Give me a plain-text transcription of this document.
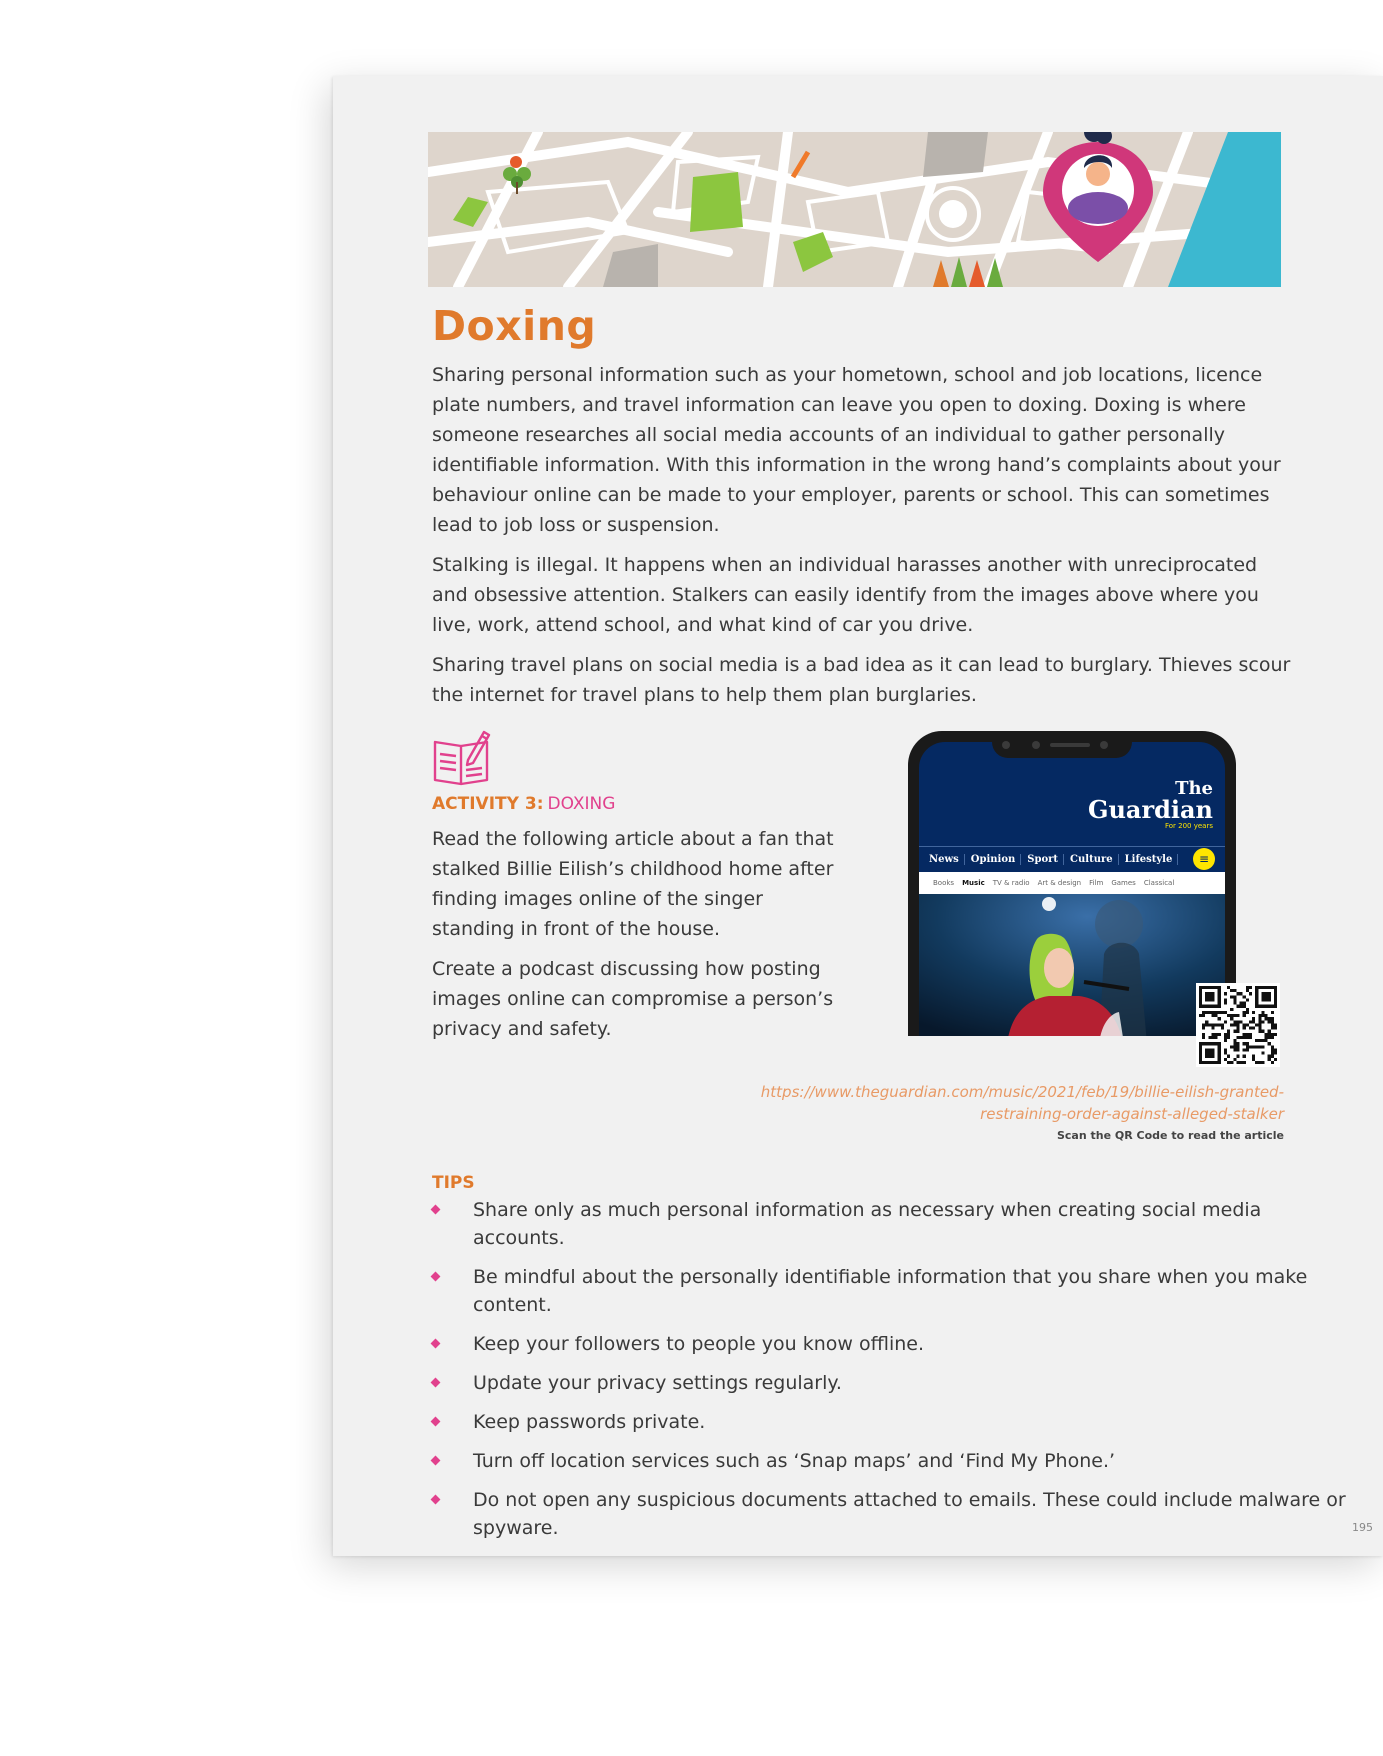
Doxing

Sharing personal information such as your hometown, school and job locations, licence plate numbers, and travel information can leave you open to doxing. Doxing is where someone researches all social media accounts of an individual to gather personally identifiable information. With this information in the wrong hand’s complaints about your behaviour online can be made to your employer, parents or school. This can sometimes lead to job loss or suspension.

Stalking is illegal. It happens when an individual harasses another with unreciprocated and obsessive attention. Stalkers can easily identify from the images above where you live, work, attend school, and what kind of car you drive.

Sharing travel plans on social media is a bad idea as it can lead to burglary. Thieves scour the internet for travel plans to help them plan burglaries.

ACTIVITY 3: DOXING

Read the following article about a fan that stalked Billie Eilish’s childhood home after finding images online of the singer standing in front of the house.

Create a podcast discussing how posting images online can compromise a person’s privacy and safety.

The
Guardian
For 200 years
News	Opinion	Sport	Culture	Lifestyle	≡
Books Music TV & radio Art & design Film Games Classical
https://www.theguardian.com/music/2021/feb/19/billie-eilish-granted-restraining-order-against-alleged-stalker
Scan the QR Code to read the article
TIPS
Share only as much personal information as necessary when creating social media accounts.
Be mindful about the personally identifiable information that you share when you make content.
Keep your followers to people you know offline.
Update your privacy settings regularly.
Keep passwords private.
Turn off location services such as ‘Snap maps’ and ‘Find My Phone.’
Do not open any suspicious documents attached to emails. These could include malware or spyware.	195
